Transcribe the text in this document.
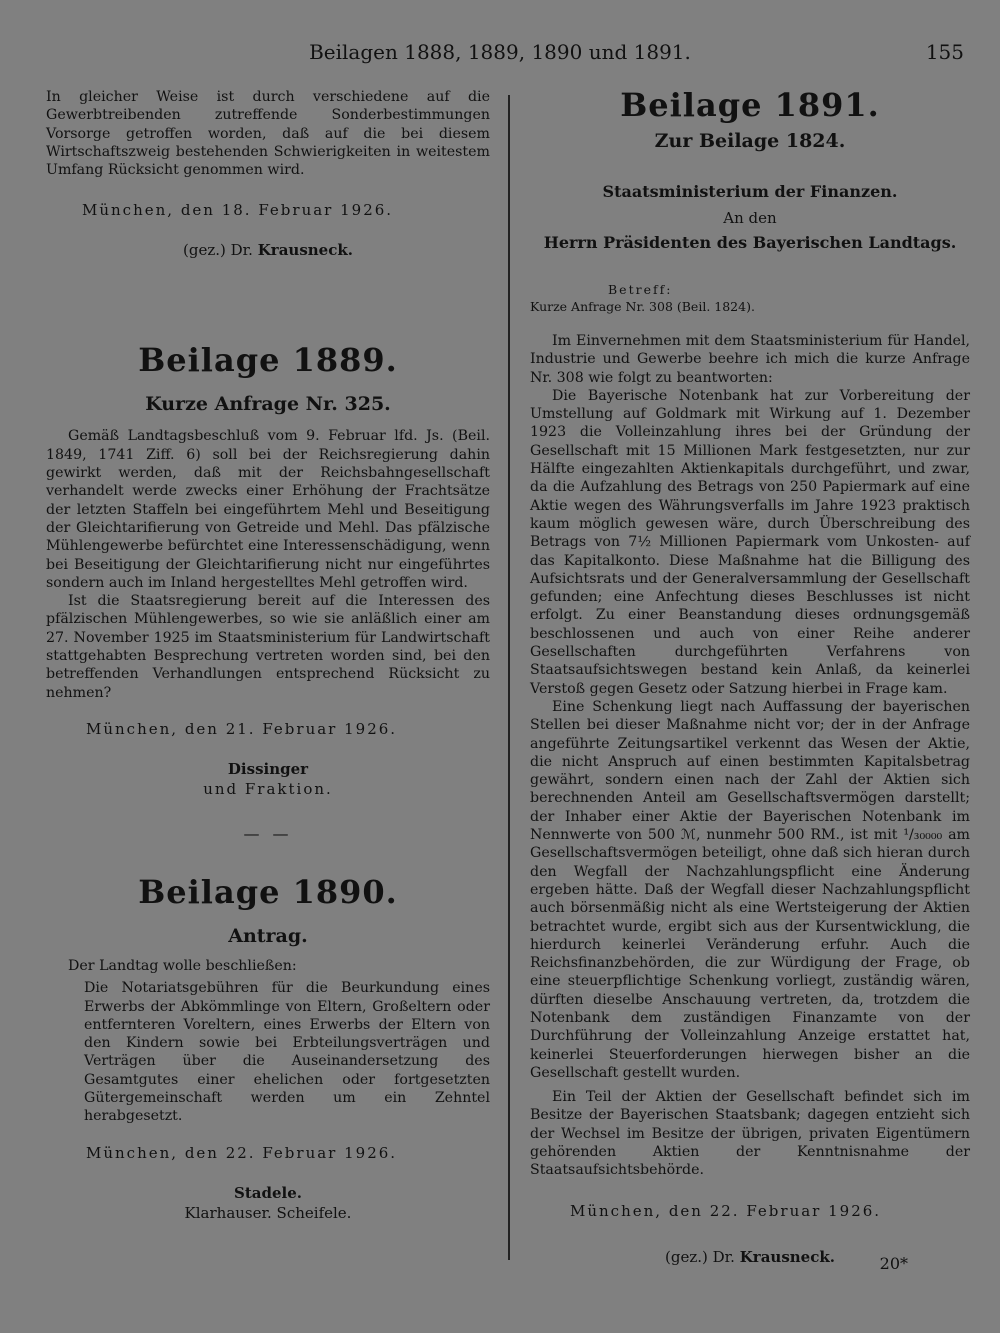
Beilagen 1888, 1889, 1890 und 1891.	155

In gleicher Weise ist durch verschiedene auf die Gewerbtreibenden zutreffende Sonderbestimmungen Vorsorge getroffen worden, daß auf die bei diesem Wirtschaftszweig bestehenden Schwierigkeiten in weitestem Umfang Rücksicht genommen wird.

München, den 18. Februar 1926.

(gez.) Dr. Krausneck.

Beilage 1889.

Kurze Anfrage Nr. 325.

Gemäß Landtagsbeschluß vom 9. Februar lfd. Js. (Beil. 1849, 1741 Ziff. 6) soll bei der Reichsregierung dahin gewirkt werden, daß mit der Reichsbahngesellschaft verhandelt werde zwecks einer Erhöhung der Frachtsätze der letzten Staffeln bei eingeführtem Mehl und Beseitigung der Gleichtarifierung von Getreide und Mehl. Das pfälzische Mühlengewerbe befürchtet eine Interessenschädigung, wenn bei Beseitigung der Gleichtarifierung nicht nur eingeführtes sondern auch im Inland hergestelltes Mehl getroffen wird.

Ist die Staatsregierung bereit auf die Interessen des pfälzischen Mühlengewerbes, so wie sie anläßlich einer am 27. November 1925 im Staatsministerium für Landwirtschaft stattgehabten Besprechung vertreten worden sind, bei den betreffenden Verhandlungen entsprechend Rücksicht zu nehmen?

München, den 21. Februar 1926.

Dissinger

und Fraktion.

— —

Beilage 1890.

Antrag.

Der Landtag wolle beschließen:

Die Notariatsgebühren für die Beurkundung eines Erwerbs der Abkömmlinge von Eltern, Großeltern oder entfernteren Voreltern, eines Erwerbs der Eltern von den Kindern sowie bei Erbteilungsverträgen und Verträgen über die Auseinandersetzung des Gesamtgutes einer ehelichen oder fortgesetzten Gütergemeinschaft werden um ein Zehntel herabgesetzt.

München, den 22. Februar 1926.

Stadele.

Klarhauser. Scheifele.

Beilage 1891.

Zur Beilage 1824.

Staatsministerium der Finanzen.

An den

Herrn Präsidenten des Bayerischen Landtags.

Betreff:

Kurze Anfrage Nr. 308 (Beil. 1824).

Im Einvernehmen mit dem Staatsministerium für Handel, Industrie und Gewerbe beehre ich mich die kurze Anfrage Nr. 308 wie folgt zu beantworten:

Die Bayerische Notenbank hat zur Vorbereitung der Umstellung auf Goldmark mit Wirkung auf 1. Dezember 1923 die Volleinzahlung ihres bei der Gründung der Gesellschaft mit 15 Millionen Mark festgesetzten, nur zur Hälfte eingezahlten Aktienkapitals durchgeführt, und zwar, da die Aufzahlung des Betrags von 250 Papiermark auf eine Aktie wegen des Währungsverfalls im Jahre 1923 praktisch kaum möglich gewesen wäre, durch Überschreibung des Betrags von 7½ Millionen Papiermark vom Unkosten- auf das Kapitalkonto. Diese Maßnahme hat die Billigung des Aufsichtsrats und der Generalversammlung der Gesellschaft gefunden; eine Anfechtung dieses Beschlusses ist nicht erfolgt. Zu einer Beanstandung dieses ordnungsgemäß beschlossenen und auch von einer Reihe anderer Gesellschaften durchgeführten Verfahrens von Staatsaufsichtswegen bestand kein Anlaß, da keinerlei Verstoß gegen Gesetz oder Satzung hierbei in Frage kam.

Eine Schenkung liegt nach Auffassung der bayerischen Stellen bei dieser Maßnahme nicht vor; der in der Anfrage angeführte Zeitungsartikel verkennt das Wesen der Aktie, die nicht Anspruch auf einen bestimmten Kapitalsbetrag gewährt, sondern einen nach der Zahl der Aktien sich berechnenden Anteil am Gesellschaftsvermögen darstellt; der Inhaber einer Aktie der Bayerischen Notenbank im Nennwerte von 500 ℳ, nunmehr 500 RM., ist mit ¹/₃₀₀₀₀ am Gesellschaftsvermögen beteiligt, ohne daß sich hieran durch den Wegfall der Nachzahlungspflicht eine Änderung ergeben hätte. Daß der Wegfall dieser Nachzahlungspflicht auch börsenmäßig nicht als eine Wertsteigerung der Aktien betrachtet wurde, ergibt sich aus der Kursentwicklung, die hierdurch keinerlei Veränderung erfuhr. Auch die Reichsfinanzbehörden, die zur Würdigung der Frage, ob eine steuerpflichtige Schenkung vorliegt, zuständig wären, dürften dieselbe Anschauung vertreten, da, trotzdem die Notenbank dem zuständigen Finanzamte von der Durchführung der Volleinzahlung Anzeige erstattet hat, keinerlei Steuerforderungen hierwegen bisher an die Gesellschaft gestellt wurden.

Ein Teil der Aktien der Gesellschaft befindet sich im Besitze der Bayerischen Staatsbank; dagegen entzieht sich der Wechsel im Besitze der übrigen, privaten Eigentümern gehörenden Aktien der Kenntnisnahme der Staatsaufsichtsbehörde.

München, den 22. Februar 1926.

(gez.) Dr. Krausneck.	20*
